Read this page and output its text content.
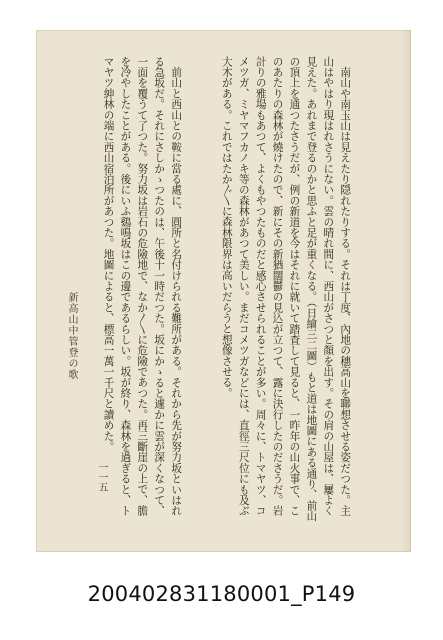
　南山や南玉山は見えたり隠れたりする。それは丁度、內地の穗高山を聯想させる姿だつた。主山はやはり現はれさうにない。雲の晴れ間に、西山がさつと顏を出す。その肩の山屋は、屢よく見えた。あれまで登るのかと思ふと足が重くなる。（日繪三二圖）もと道は地圖にある通り、前山の頂上を通つたさうだが、例の新道を今はそれに就いて踏査して見ると、一昨年の山火事で、このあたりの森林が燒けたので、新にその新猶闊鬱の見込が立つて、露に決行したのださうだ。岩計りの雅場もあつて、よくもやつたものだと感心させられることが多い。周々に、トマヤツ、コメツガ、ミヤマフカノキ等の森林があつて美しい。まだコメツガなどには、直徑三尺位にも及ぶ大木がある。これではたか〴〵に森林限界は高いだらうと想像させる。

　前山と西山との鞍に當る處に、圓所と名付けられる難所がある。それから先が努力坂といはれる急坂だ。それにさしかゝつたのは、午後十一時だつた。坂にかゝると遽かに雲が深くなつて、一面を覆うて了つた。努力坂は岩石の危險地で、なか〳〵に危險であつた。再三斷崖の上で、膽を冷やしたことがある。後にいふ鷄鳴坂はこの邊であるらしい。坂が終り、森林を過ぎると、トマヤツ紳林の端に西山宿泊所があつた。地圖によると、標高一萬一千尺と讀めた。

新高山中管登の歌
一一五
200402831180001_P149
